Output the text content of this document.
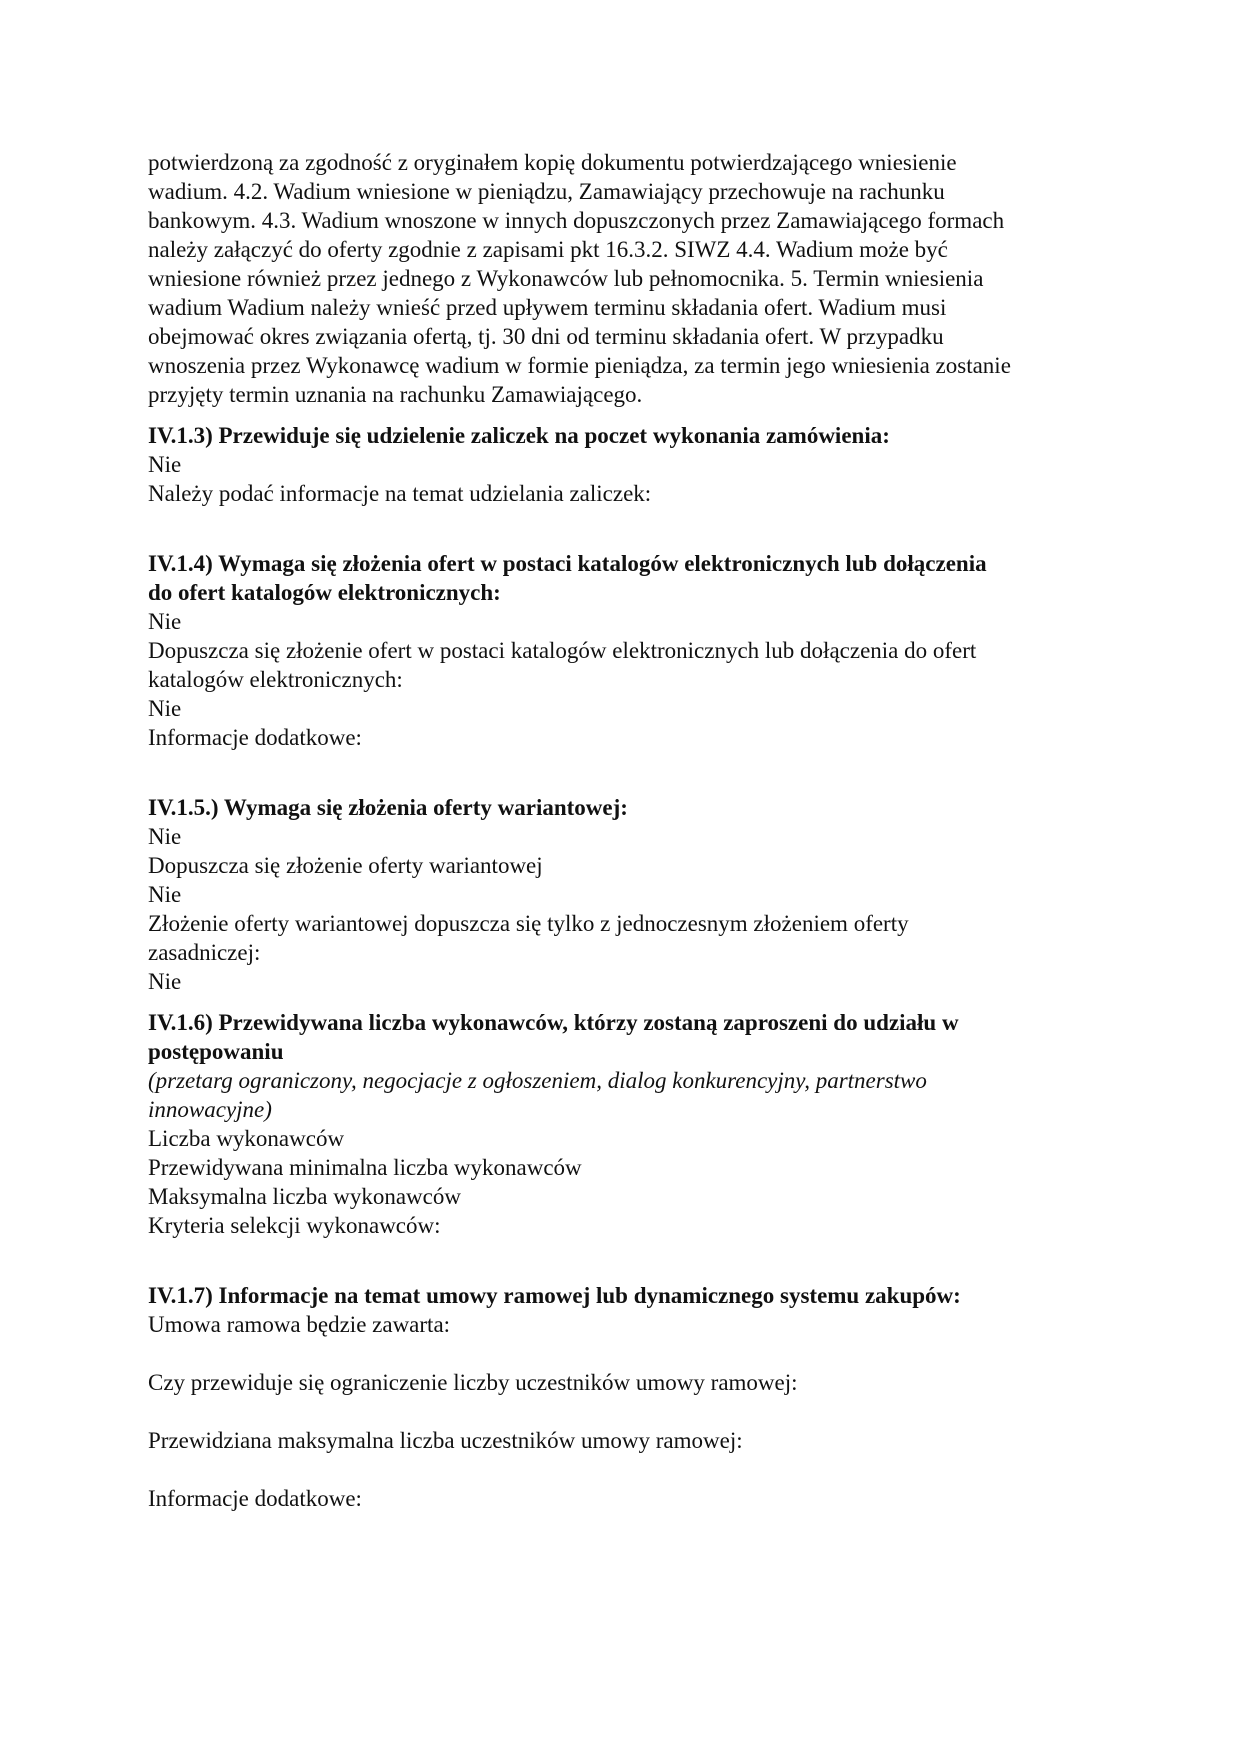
potwierdzoną za zgodność z oryginałem kopię dokumentu potwierdzającego wniesienie
wadium. 4.2. Wadium wniesione w pieniądzu, Zamawiający przechowuje na rachunku
bankowym. 4.3. Wadium wnoszone w innych dopuszczonych przez Zamawiającego formach
należy załączyć do oferty zgodnie z zapisami pkt 16.3.2. SIWZ 4.4. Wadium może być
wniesione również przez jednego z Wykonawców lub pełnomocnika. 5. Termin wniesienia
wadium Wadium należy wnieść przed upływem terminu składania ofert. Wadium musi
obejmować okres związania ofertą, tj. 30 dni od terminu składania ofert. W przypadku
wnoszenia przez Wykonawcę wadium w formie pieniądza, za termin jego wniesienia zostanie
przyjęty termin uznania na rachunku Zamawiającego.
IV.1.3) Przewiduje się udzielenie zaliczek na poczet wykonania zamówienia:
Nie
Należy podać informacje na temat udzielania zaliczek:
IV.1.4) Wymaga się złożenia ofert w postaci katalogów elektronicznych lub dołączenia
do ofert katalogów elektronicznych:
Nie
Dopuszcza się złożenie ofert w postaci katalogów elektronicznych lub dołączenia do ofert
katalogów elektronicznych:
Nie
Informacje dodatkowe:
IV.1.5.) Wymaga się złożenia oferty wariantowej:
Nie
Dopuszcza się złożenie oferty wariantowej
Nie
Złożenie oferty wariantowej dopuszcza się tylko z jednoczesnym złożeniem oferty
zasadniczej:
Nie
IV.1.6) Przewidywana liczba wykonawców, którzy zostaną zaproszeni do udziału w
postępowaniu
(przetarg ograniczony, negocjacje z ogłoszeniem, dialog konkurencyjny, partnerstwo
innowacyjne)
Liczba wykonawców
Przewidywana minimalna liczba wykonawców
Maksymalna liczba wykonawców
Kryteria selekcji wykonawców:
IV.1.7) Informacje na temat umowy ramowej lub dynamicznego systemu zakupów:
Umowa ramowa będzie zawarta:
Czy przewiduje się ograniczenie liczby uczestników umowy ramowej:
Przewidziana maksymalna liczba uczestników umowy ramowej:
Informacje dodatkowe:
